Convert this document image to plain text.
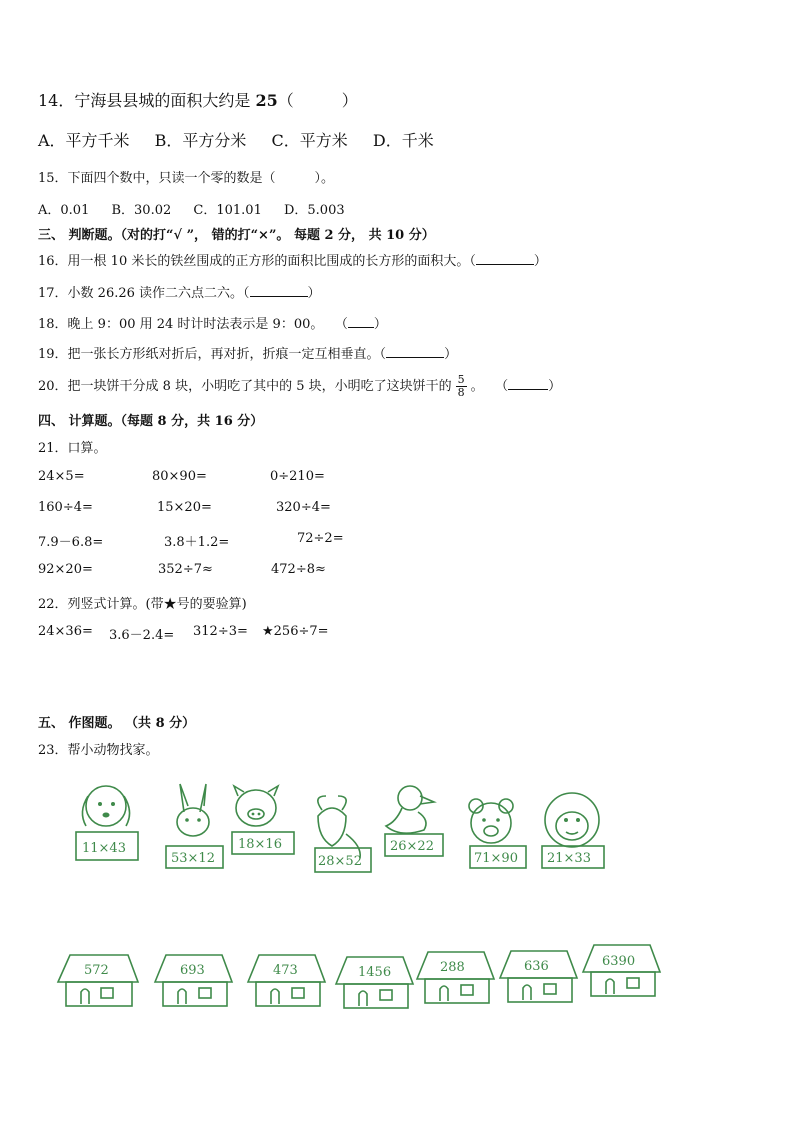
14．宁海县县城的面积大约是 25（　　　）
A．平方千米 B．平方分米 C．平方米 D．千米
15．下面四个数中，只读一个零的数是（　　　）。
A．0.01 B．30.02 C．101.01 D．5.003
三、 判断题。（对的打“√ ”， 错的打“×”。 每题 2 分， 共 10 分）
16．用一根 10 米长的铁丝围成的正方形的面积比围成的长方形的面积大。（	）
17．小数 26.26 读作二六点二六。（	）
18．晚上 9：00 用 24 时计时法表示是 9：00。 （ ）
19．把一张长方形纸对折后，再对折，折痕一定互相垂直。（	）
20．把一块饼干分成 8 块，小明吃了其中的 5 块，小明吃了这块饼干的 $\frac{5}{8}$ 。 （	）
四、 计算题。（每题 8 分，共 16 分）
21．口算。
24×5=	80×90=	0÷210=
160÷4=	15×20=	320÷4=
7.9－6.8=	3.8＋1.2=	72÷2=
92×20=	352÷7≈	472÷8≈
22．列竖式计算。(带★号的要验算)
24×36= 3.6－2.4= 312÷3= ★256÷7=
五、 作图题。 （共 8 分）
23．帮小动物找家。
11×43
53×12
18×16
28×52
26×22
71×90 21×33
572	693	473	1456	288	636	6390
